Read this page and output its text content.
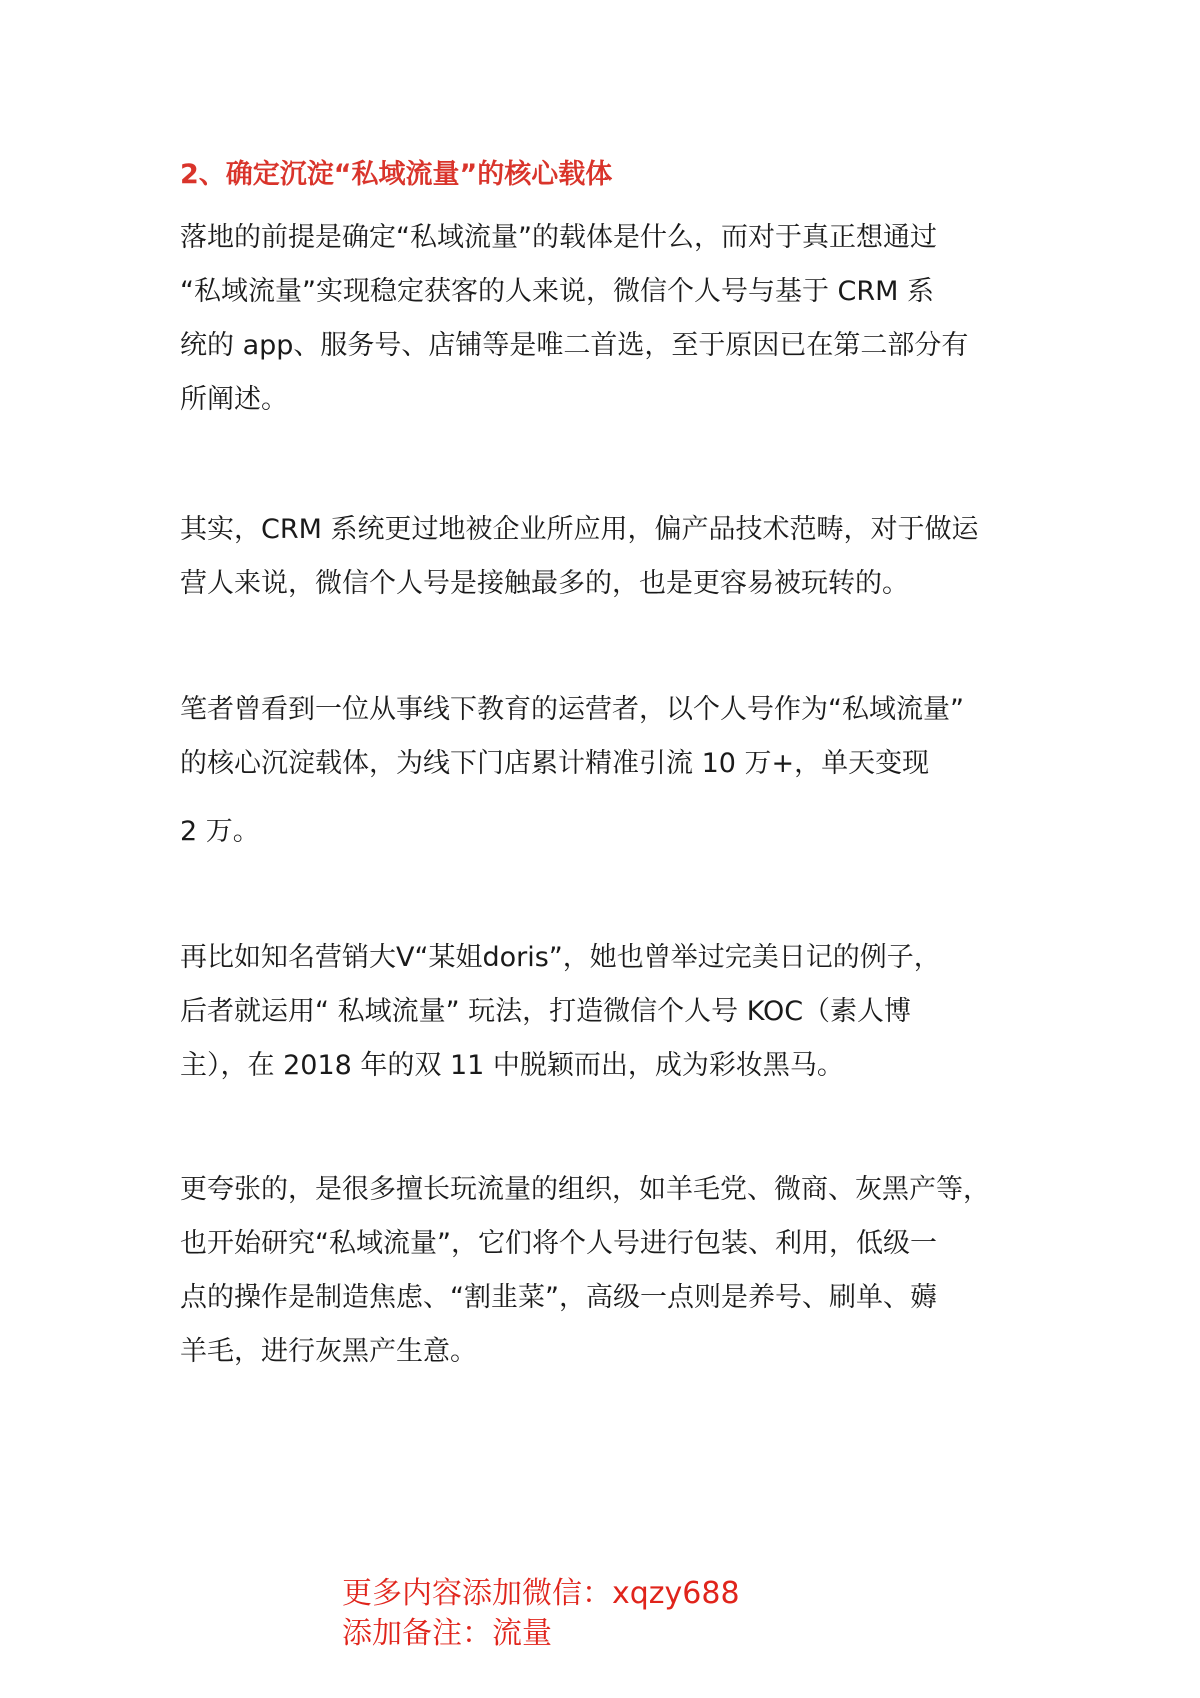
2、确定沉淀“私域流量”的核心载体
落地的前提是确定“私域流量”的载体是什么，而对于真正想通过
“私域流量”实现稳定获客的人来说，微信个人号与基于 CRM 系
统的 app、服务号、店铺等是唯二首选，至于原因已在第二部分有
所阐述。
其实，CRM 系统更过地被企业所应用，偏产品技术范畴，对于做运
营人来说，微信个人号是接触最多的，也是更容易被玩转的。
笔者曾看到一位从事线下教育的运营者，以个人号作为“私域流量”
的核心沉淀载体，为线下门店累计精准引流 10 万+，单天变现
2 万。
再比如知名营销大V“某姐doris”，她也曾举过完美日记的例子，
后者就运用“ 私域流量” 玩法，打造微信个人号 KOC（素人博
主），在 2018 年的双 11 中脱颖而出，成为彩妆黑马。
更夸张的，是很多擅长玩流量的组织，如羊毛党、微商、灰黑产等，
也开始研究“私域流量”，它们将个人号进行包装、利用，低级一
点的操作是制造焦虑、“割韭菜”，高级一点则是养号、刷单、薅
羊毛，进行灰黑产生意。
更多内容添加微信：xqzy688
添加备注：流量
